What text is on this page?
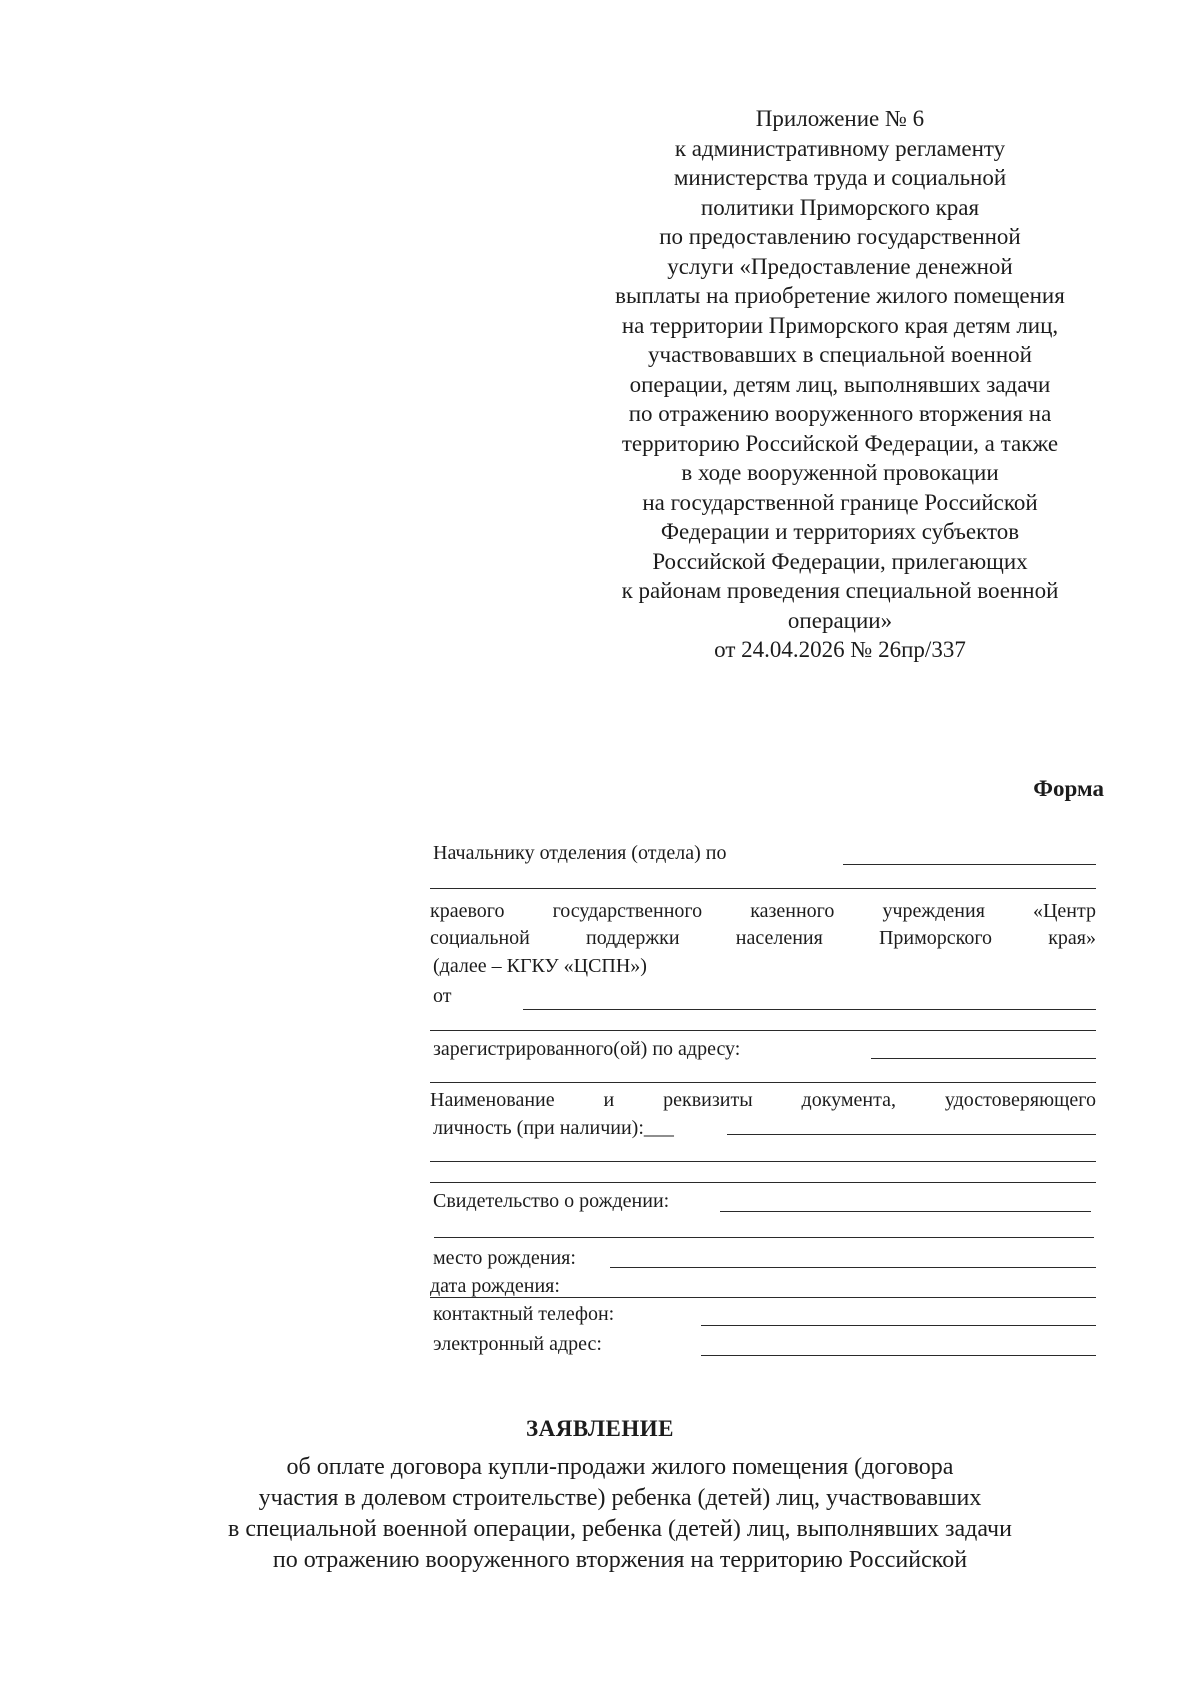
Приложение № 6
к административному регламенту
министерства труда и социальной
политики Приморского края
по предоставлению государственной
услуги «Предоставление денежной
выплаты на приобретение жилого помещения
на территории Приморского края детям лиц,
участвовавших в специальной военной
операции, детям лиц, выполнявших задачи
по отражению вооруженного вторжения на
территорию Российской Федерации, а также
в ходе вооруженной провокации
на государственной границе Российской
Федерации и территориях субъектов
Российской Федерации, прилегающих
к районам проведения специальной военной
операции»
от 24.04.2026 № 26пр/337
Форма
Начальнику отделения (отдела) по
краевого государственного казенного учреждения «Центр
социальной поддержки населения Приморского края»
(далее – КГКУ «ЦСПН»)
от
зарегистрированного(ой) по адресу:
Наименование и реквизиты документа, удостоверяющего
личность (при наличии):___
Свидетельство о рождении:
место рождения:
дата рождения:
контактный телефон:
электронный адрес:
ЗАЯВЛЕНИЕ
об оплате договора купли-продажи жилого помещения (договора
участия в долевом строительстве) ребенка (детей) лиц, участвовавших
в специальной военной операции, ребенка (детей) лиц, выполнявших задачи
по отражению вооруженного вторжения на территорию Российской
